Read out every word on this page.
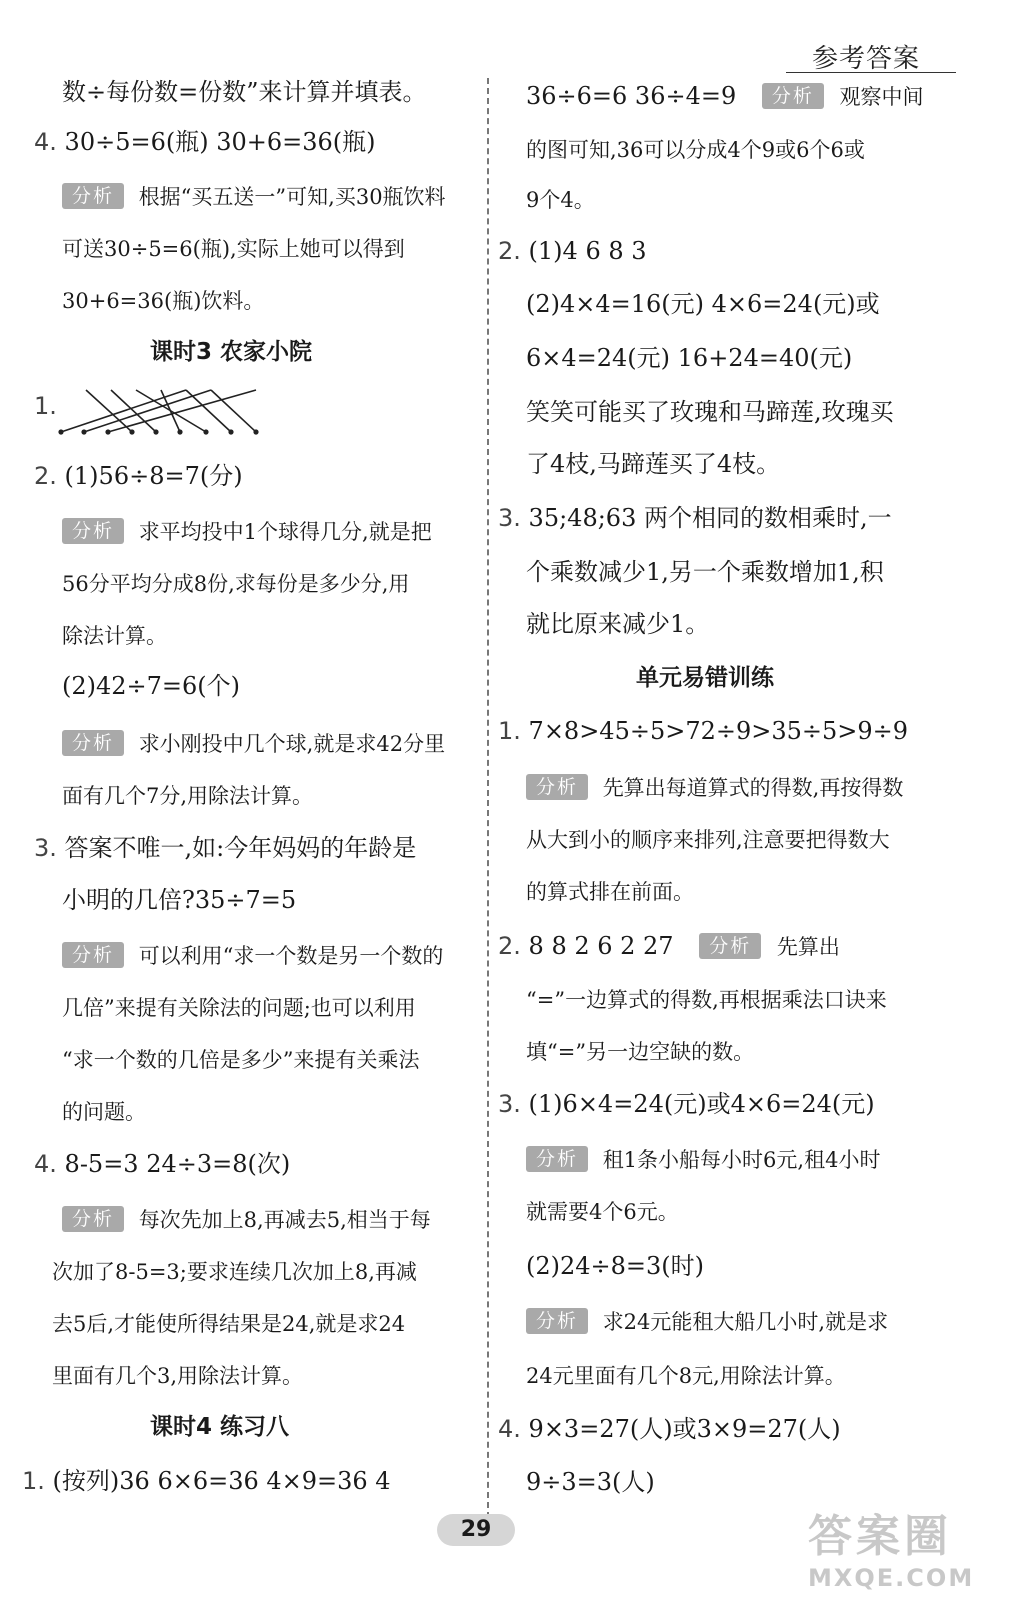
参考答案
数÷每份数=份数”来计算并填表。
4. 30÷5=6(瓶) 30+6=36(瓶)
分析 根据“买五送一”可知,买30瓶饮料
可送30÷5=6(瓶),实际上她可以得到
30+6=36(瓶)饮料。
课时3 农家小院
1.
2. (1)56÷8=7(分)
分析 求平均投中1个球得几分,就是把
56分平均分成8份,求每份是多少分,用
除法计算。
(2)42÷7=6(个)
分析 求小刚投中几个球,就是求42分里
面有几个7分,用除法计算。
3. 答案不唯一,如:今年妈妈的年龄是
小明的几倍?35÷7=5
分析 可以利用“求一个数是另一个数的
几倍”来提有关除法的问题;也可以利用
“求一个数的几倍是多少”来提有关乘法
的问题。
4. 8-5=3 24÷3=8(次)
分析 每次先加上8,再减去5,相当于每
次加了8-5=3;要求连续几次加上8,再减
去5后,才能使所得结果是24,就是求24
里面有几个3,用除法计算。
课时4 练习八
1. (按列)36 6×6=36 4×9=36 4
36÷6=6 36÷4=9 分析 观察中间
的图可知,36可以分成4个9或6个6或
9个4。
2. (1)4 6 8 3
(2)4×4=16(元) 4×6=24(元)或
6×4=24(元) 16+24=40(元)
笑笑可能买了玫瑰和马蹄莲,玫瑰买
了4枝,马蹄莲买了4枝。
3. 35;48;63 两个相同的数相乘时,一
个乘数减少1,另一个乘数增加1,积
就比原来减少1。
单元易错训练
1. 7×8>45÷5>72÷9>35÷5>9÷9
分析 先算出每道算式的得数,再按得数
从大到小的顺序来排列,注意要把得数大
的算式排在前面。
2. 8 8 2 6 2 27 分析 先算出
“=”一边算式的得数,再根据乘法口诀来
填“=”另一边空缺的数。
3. (1)6×4=24(元)或4×6=24(元)
分析 租1条小船每小时6元,租4小时
就需要4个6元。
(2)24÷8=3(时)
分析 求24元能租大船几小时,就是求
24元里面有几个8元,用除法计算。
4. 9×3=27(人)或3×9=27(人)
9÷3=3(人)
29	答案圈
MXQE.COM
